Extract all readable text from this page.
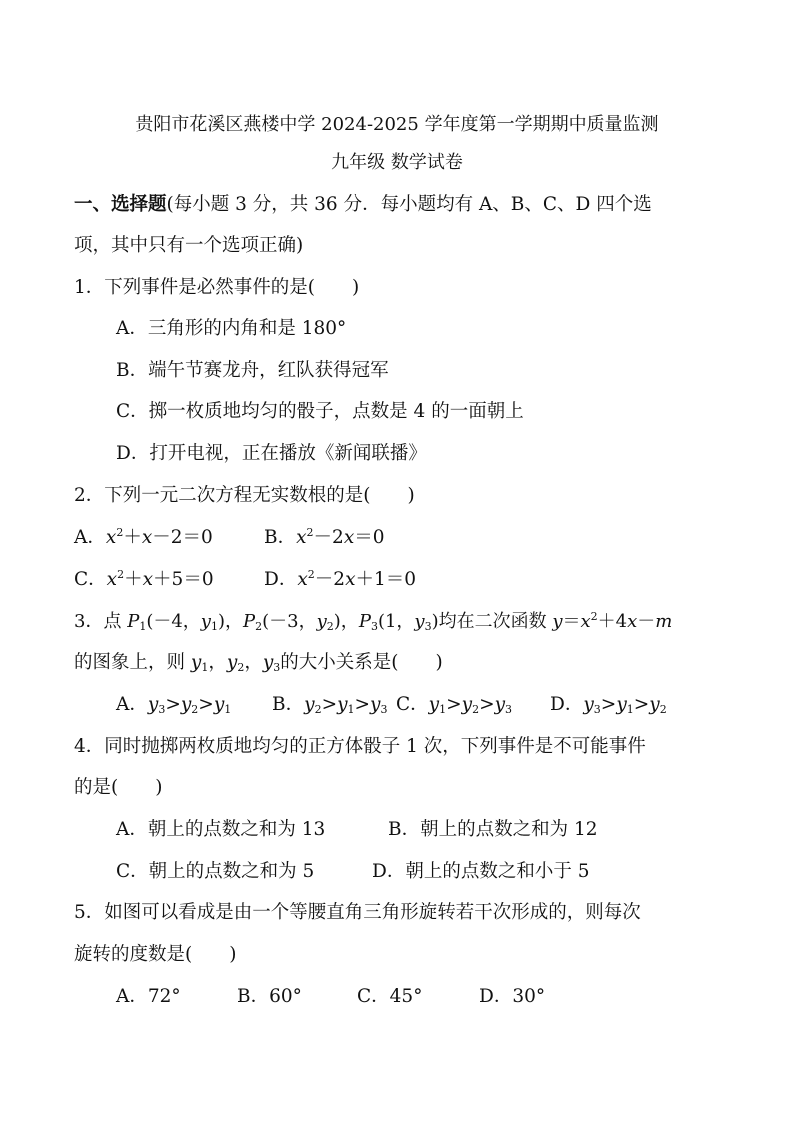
贵阳市花溪区燕楼中学 2024-2025 学年度第一学期期中质量监测
九年级 数学试卷
一、选择题(每小题 3 分，共 36 分．每小题均有 A、B、C、D 四个选
项，其中只有一个选项正确)
1．下列事件是必然事件的是(　　)
A．三角形的内角和是 180°
B．端午节赛龙舟，红队获得冠军
C．掷一枚质地均匀的骰子，点数是 4 的一面朝上
D．打开电视，正在播放《新闻联播》
2．下列一元二次方程无实数根的是(　　)
A．$x^2+x-2=0$	B．$x^2-2x=0$
C．$x^2+x+5=0$	D．$x^2-2x+1=0$
3．点 $P_1(-4$，$y_1$)，$P_2(-3$，$y_2$)，$P_3(1$，$y_3$)均在二次函数 $y=x^2+4x-m$
的图象上，则 $y_1$，$y_2$，$y_3$的大小关系是(　　)
A．$y_3>y_2>y_1$ B．$y_2>y_1>y_3$ C．$y_1>y_2>y_3$ D．$y_3>y_1>y_2$
4．同时抛掷两枚质地均匀的正方体骰子 1 次，下列事件是不可能事件
的是(　　)
A．朝上的点数之和为 13	B．朝上的点数之和为 12
C．朝上的点数之和为 5	D．朝上的点数之和小于 5
5．如图可以看成是由一个等腰直角三角形旋转若干次形成的，则每次
旋转的度数是(　　)
A．72°	B．60°	C．45°	D．30°
